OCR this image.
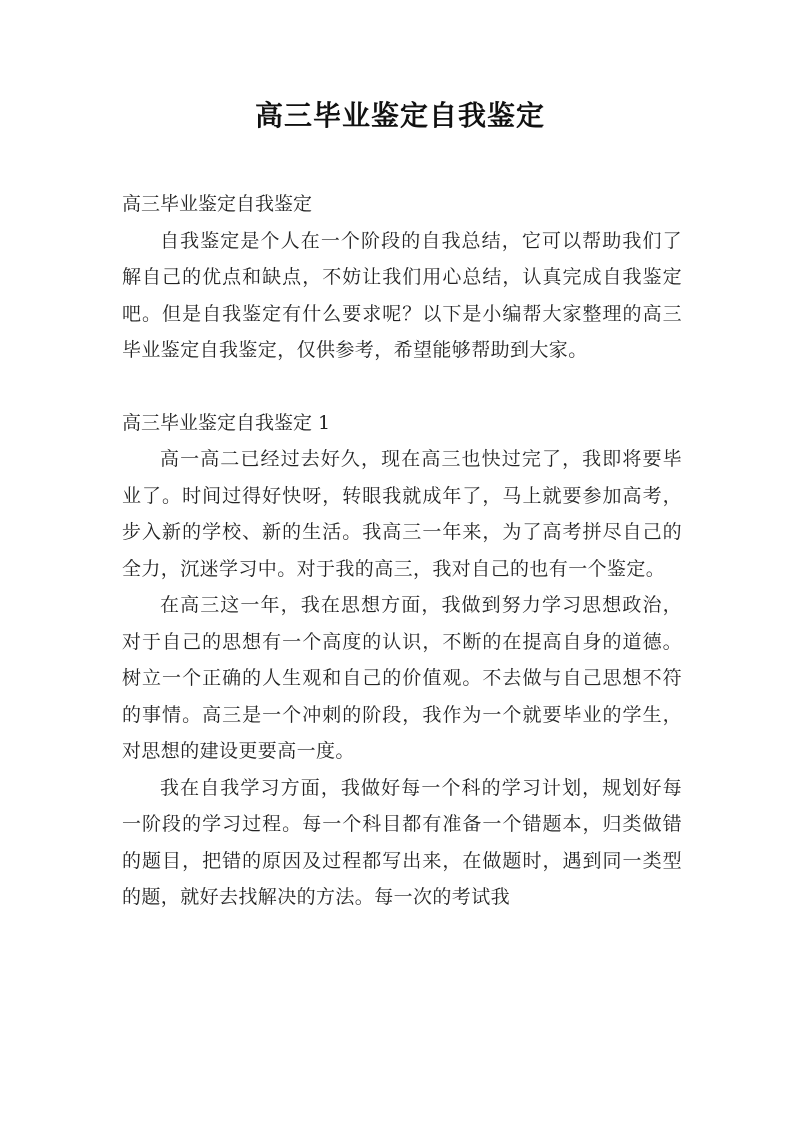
高三毕业鉴定自我鉴定
高三毕业鉴定自我鉴定

自我鉴定是个人在一个阶段的自我总结，它可以帮助我们了解自己的优点和缺点，不妨让我们用心总结，认真完成自我鉴定吧。但是自我鉴定有什么要求呢？以下是小编帮大家整理的高三毕业鉴定自我鉴定，仅供参考，希望能够帮助到大家。

高三毕业鉴定自我鉴定 1

高一高二已经过去好久，现在高三也快过完了，我即将要毕业了。时间过得好快呀，转眼我就成年了，马上就要参加高考，步入新的学校、新的生活。我高三一年来，为了高考拼尽自己的全力，沉迷学习中。对于我的高三，我对自己的也有一个鉴定。

在高三这一年，我在思想方面，我做到努力学习思想政治，对于自己的思想有一个高度的认识，不断的在提高自身的道德。树立一个正确的人生观和自己的价值观。不去做与自己思想不符的事情。高三是一个冲刺的阶段，我作为一个就要毕业的学生，对思想的建设更要高一度。

我在自我学习方面，我做好每一个科的学习计划，规划好每一阶段的学习过程。每一个科目都有准备一个错题本，归类做错的题目，把错的原因及过程都写出来，在做题时，遇到同一类型的题，就好去找解决的方法。每一次的考试我
